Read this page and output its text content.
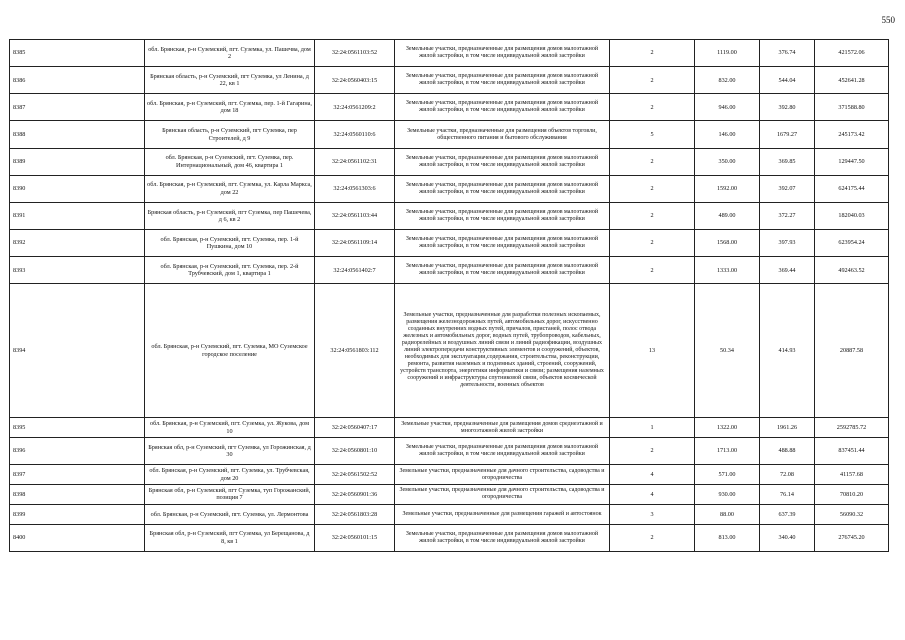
550
8385	обл. Брянская, р-н Суземский, пгт. Суземка, ул. Пашечва, дом 2	32:24:0561103:52	Земельные участки, предназначенные для размещения домов малоэтажной жилой застройки, в том числе индивидуальной жилой застройки	2	1119.00	376.74	421572.06
8386	Брянская область, р-н Суземский, пгт Суземка, ул Ленина, д 22, кв 1	32:24:0560403:15	Земельные участки, предназначенные для размещения домов малоэтажной жилой застройки, в том числе индивидуальной жилой застройки	2	832.00	544.04	452641.28
8387	обл. Брянская, р-н Суземский, пгт. Суземка, пер. 1-й Гагарина, дом 18	32:24:0561209:2	Земельные участки, предназначенные для размещения домов малоэтажной жилой застройки, в том числе индивидуальной жилой застройки	2	946.00	392.80	371588.80
8388	Брянская область, р-н Суземский, пгт Суземка, пер Строителей, д 9	32:24:0560110:6	Земельные участки, предназначенные для размещения объектов торговли, общественного питания и бытового обслуживания	5	146.00	1679.27	245173.42
8389	обл. Брянская, р-н Суземский, пгт. Суземка, пер. Интернациональный, дом 46, квартира 1	32:24:0561102:31	Земельные участки, предназначенные для размещения домов малоэтажной жилой застройки, в том числе индивидуальной жилой застройки	2	350.00	369.85	129447.50
8390	обл. Брянская, р-н Суземский, пгт. Суземка, ул. Карла Маркса, дом 22	32:24:0561303:6	Земельные участки, предназначенные для размещения домов малоэтажной жилой застройки, в том числе индивидуальной жилой застройки	2	1592.00	392.07	624175.44
8391	Брянская область, р-н Суземский, пгт Суземка, пер Пашечева, д 6, кв 2	32:24:0561103:44	Земельные участки, предназначенные для размещения домов малоэтажной жилой застройки, в том числе индивидуальной жилой застройки	2	489.00	372.27	182040.03
8392	обл. Брянская, р-н Суземский, пгт. Суземка, пер. 1-й Пушкина, дом 10	32:24:0561109:14	Земельные участки, предназначенные для размещения домов малоэтажной жилой застройки, в том числе индивидуальной жилой застройки	2	1568.00	397.93	623954.24
8393	обл. Брянская, р-н Суземский, пгт. Суземка, пер. 2-й Трубчевский, дом 1, квартира 1	32:24:0561402:7	Земельные участки, предназначенные для размещения домов малоэтажной жилой застройки, в том числе индивидуальной жилой застройки	2	1333.00	369.44	492463.52
8394	обл. Брянская, р-н Суземский, пгт. Суземка, МО Суземское городское поселение	32:24:0561803:112	Земельные участки, предназначенные для разработки полезных ископаемых, размещения железнодорожных путей, автомобильных дорог, искусственно созданных внутренних водных путей, причалов, пристаней, полос отвода железных и автомобильных дорог, водных путей, трубопроводов, кабельных, радиорелейных и воздушных линий связи и линий радиофикации, воздушных линий электропередачи конструктивных элементов и сооружений, объектов, необходимых для эксплуатации,содержания, строительства, реконструкции, ремонта, развития наземных и подземных зданий, строений, сооружений, устройств транспорта, энергетики информатики и связи; размещения наземных сооружений и инфраструктуры спутниковой связи, объектов космической деятельности, военных объектов	13	50.34	414.93	20887.58
8395	обл. Брянская, р-н Суземский, пгт. Суземка, ул. Жукова, дом 10	32:24:0560407:17	Земельные участки, предназначенные для размещения домов среднеэтажной и многоэтажной жилой застройки	1	1322.00	1961.26	2592785.72
8396	Брянская обл, р-н Суземский, пгт Суземка, ул Горожинская, д 30	32:24:0560801:10	Земельные участки, предназначенные для размещения домов малоэтажной жилой застройки, в том числе индивидуальной жилой застройки	2	1713.00	488.88	837451.44
8397	обл. Брянская, р-н Суземский, пгт. Суземка, ул. Трубчевская, дом 20	32:24:0561502:52	Земельные участки, предназначенные для дачного строительства, садоводства и огородничества	4	571.00	72.08	41157.68
8398	Брянская обл, р-н Суземский, пгт Суземка, туп Горожанский, позиция 7	32:24:0560901:36	Земельные участки, предназначенные для дачного строительства, садоводства и огородничества	4	930.00	76.14	70810.20
8399	обл. Брянская, р-н Суземский, пгт. Суземка, ул. Лермонтова	32:24:0561803:28	Земельные участки, предназначенные для размещения гаражей и автостоянок	3	88.00	637.39	56090.32
8400	Брянская обл, р-н Суземский, пгт Суземка, ул Берещанова, д 8, кв 1	32:24:0560101:15	Земельные участки, предназначенные для размещения домов малоэтажной жилой застройки, в том числе индивидуальной жилой застройки	2	813.00	340.40	276745.20
